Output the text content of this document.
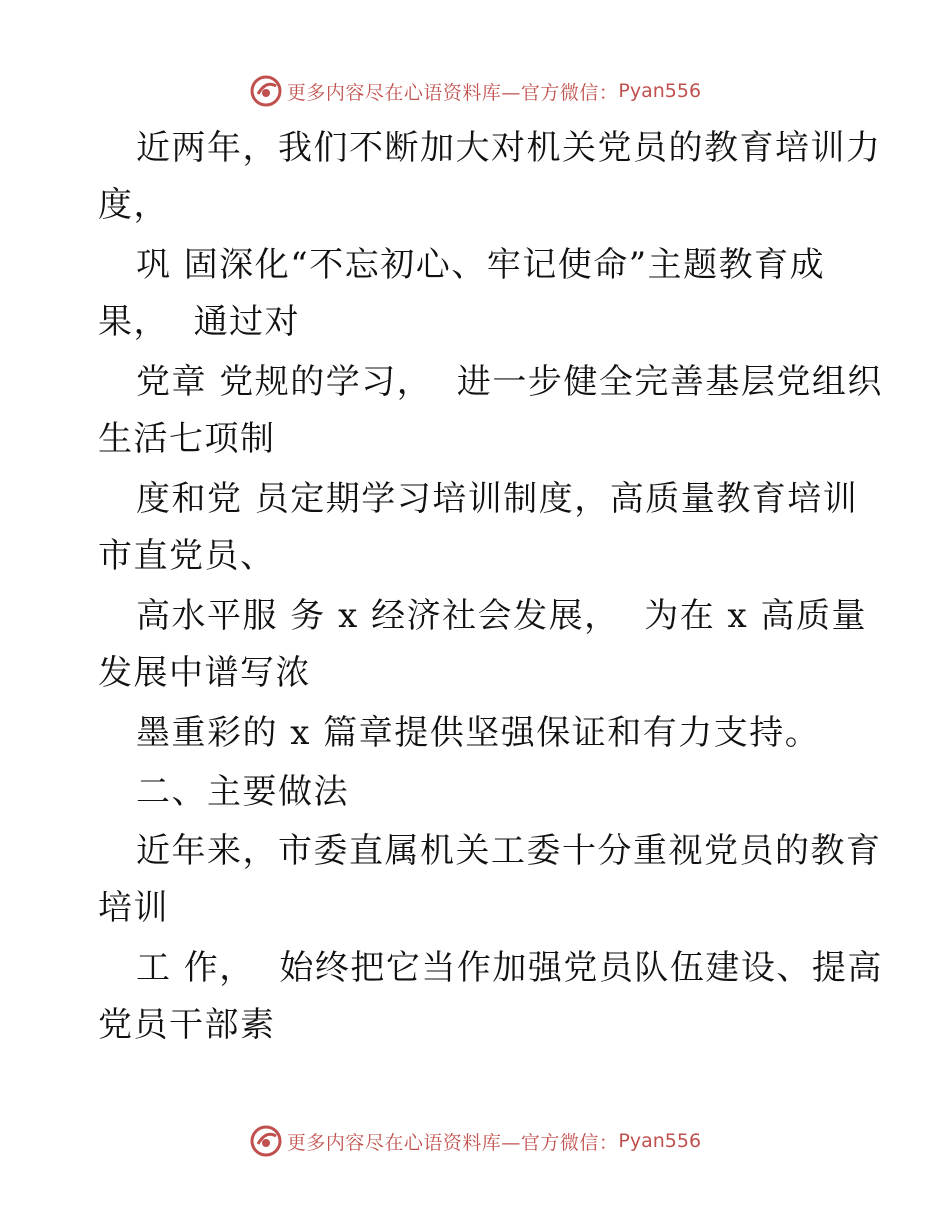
更多内容尽在心语资料库—官方微信： Pyan556
近两年，我们不断加大对机关党员的教育培训力
度，
巩 固深化“不忘初心、牢记使命”主题教育成
果，  通过对
党章 党规的学习，  进一步健全完善基层党组织
生活七项制
度和党 员定期学习培训制度，高质量教育培训
市直党员、
高水平服 务 x 经济社会发展，  为在 x 高质量
发展中谱写浓
墨重彩的 x 篇章提供坚强保证和有力支持。
二、主要做法
近年来，市委直属机关工委十分重视党员的教育
培训
工 作，  始终把它当作加强党员队伍建设、提高
党员干部素
更多内容尽在心语资料库—官方微信： Pyan556
